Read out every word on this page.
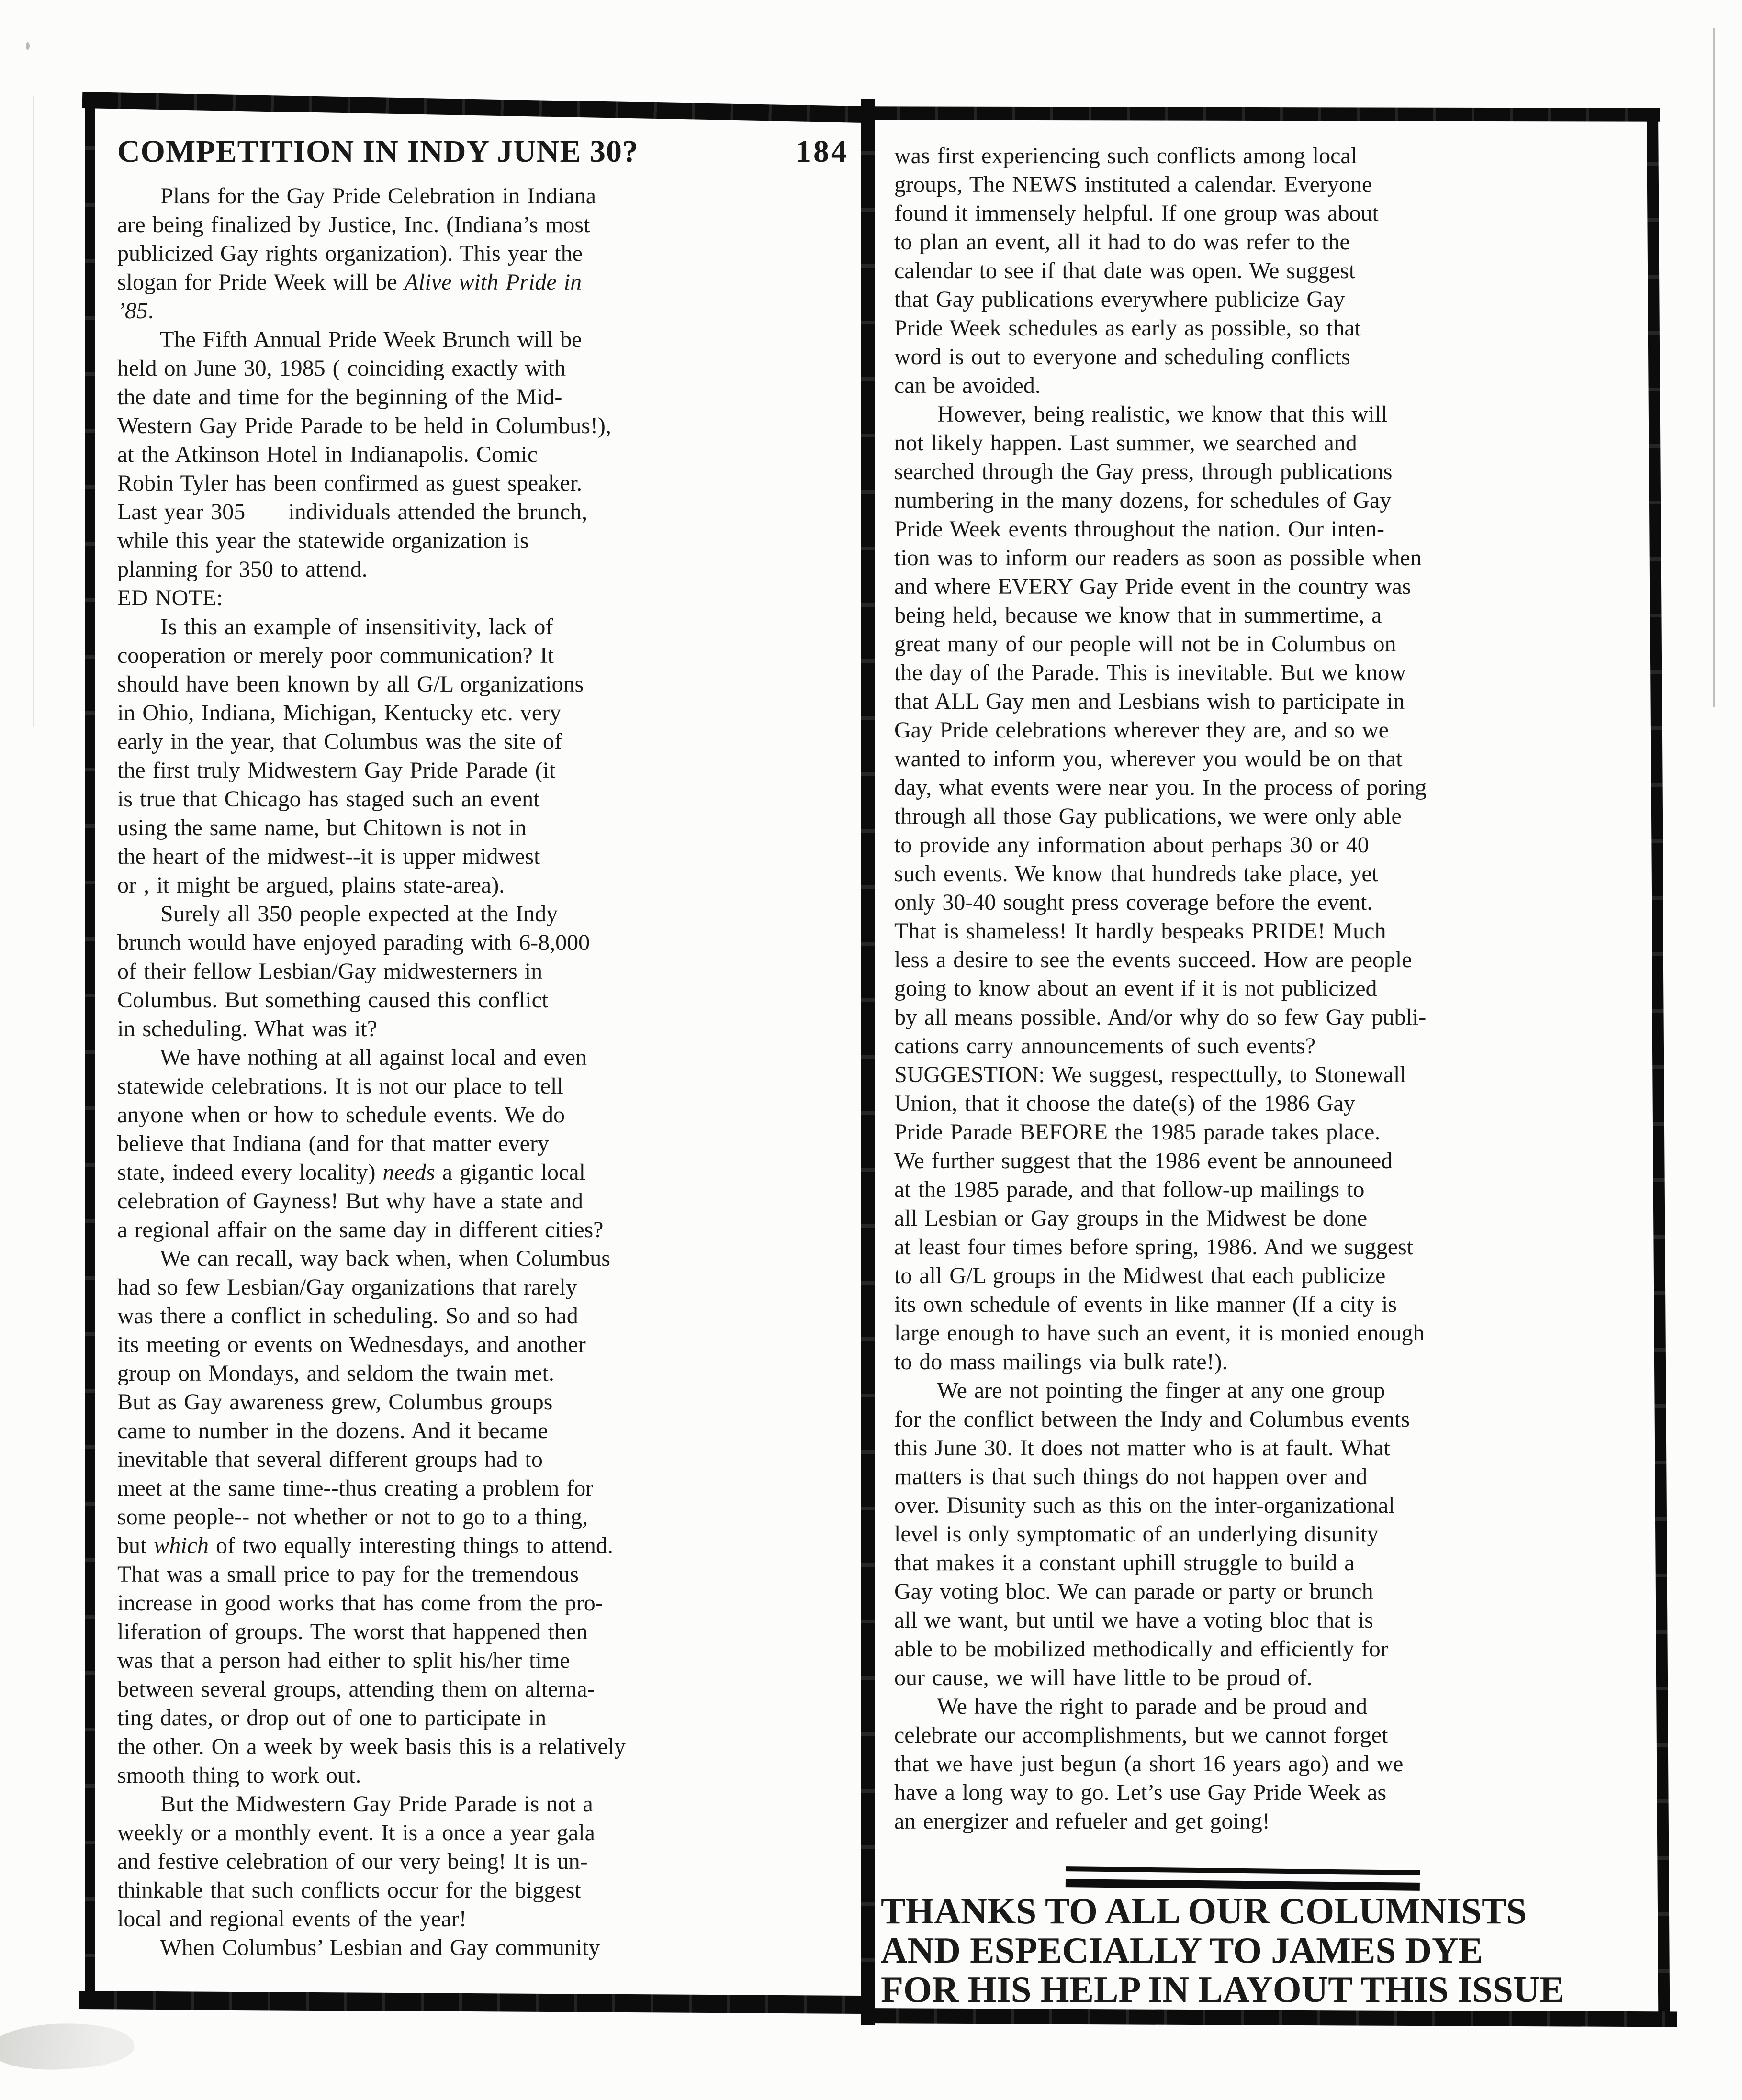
COMPETITION IN INDY JUNE 30?	184
Plans for the Gay Pride Celebration in Indiana
are being finalized by Justice, Inc. (Indiana’s most
publicized Gay rights organization). This year the
slogan for Pride Week will be Alive with Pride in
’85.
The Fifth Annual Pride Week Brunch will be
held on June 30, 1985 ( coinciding exactly with
the date and time for the beginning of the Mid-
Western Gay Pride Parade to be held in Columbus!),
at the Atkinson Hotel in Indianapolis. Comic
Robin Tyler has been confirmed as guest speaker.
Last year 305      individuals attended the brunch,
while this year the statewide organization is
planning for 350 to attend.
ED NOTE:
Is this an example of insensitivity, lack of
cooperation or merely poor communication? It
should have been known by all G/L organizations
in Ohio, Indiana, Michigan, Kentucky etc. very
early in the year, that Columbus was the site of
the first truly Midwestern Gay Pride Parade (it
is true that Chicago has staged such an event
using the same name, but Chitown is not in
the heart of the midwest--it is upper midwest
or , it might be argued, plains state-area).
Surely all 350 people expected at the Indy
brunch would have enjoyed parading with 6-8,000
of their fellow Lesbian/Gay midwesterners in
Columbus. But something caused this conflict
in scheduling. What was it?
We have nothing at all against local and even
statewide celebrations. It is not our place to tell
anyone when or how to schedule events. We do
believe that Indiana (and for that matter every
state, indeed every locality) needs a gigantic local
celebration of Gayness! But why have a state and
a regional affair on the same day in different cities?
We can recall, way back when, when Columbus
had so few Lesbian/Gay organizations that rarely
was there a conflict in scheduling. So and so had
its meeting or events on Wednesdays, and another
group on Mondays, and seldom the twain met.
But as Gay awareness grew, Columbus groups
came to number in the dozens. And it became
inevitable that several different groups had to
meet at the same time--thus creating a problem for
some people-- not whether or not to go to a thing,
but which of two equally interesting things to attend.
That was a small price to pay for the tremendous
increase in good works that has come from the pro-
liferation of groups. The worst that happened then
was that a person had either to split his/her time
between several groups, attending them on alterna-
ting dates, or drop out of one to participate in
the other. On a week by week basis this is a relatively
smooth thing to work out.
But the Midwestern Gay Pride Parade is not a
weekly or a monthly event. It is a once a year gala
and festive celebration of our very being! It is un-
thinkable that such conflicts occur for the biggest
local and regional events of the year!
When Columbus’ Lesbian and Gay community
was first experiencing such conflicts among local
groups, The NEWS instituted a calendar. Everyone
found it immensely helpful. If one group was about
to plan an event, all it had to do was refer to the
calendar to see if that date was open. We suggest
that Gay publications everywhere publicize Gay
Pride Week schedules as early as possible, so that
word is out to everyone and scheduling conflicts
can be avoided.
However, being realistic, we know that this will
not likely happen. Last summer, we searched and
searched through the Gay press, through publications
numbering in the many dozens, for schedules of Gay
Pride Week events throughout the nation. Our inten-
tion was to inform our readers as soon as possible when
and where EVERY Gay Pride event in the country was
being held, because we know that in summertime, a
great many of our people will not be in Columbus on
the day of the Parade. This is inevitable. But we know
that ALL Gay men and Lesbians wish to participate in
Gay Pride celebrations wherever they are, and so we
wanted to inform you, wherever you would be on that
day, what events were near you. In the process of poring
through all those Gay publications, we were only able
to provide any information about perhaps 30 or 40
such events. We know that hundreds take place, yet
only 30-40 sought press coverage before the event.
That is shameless! It hardly bespeaks PRIDE! Much
less a desire to see the events succeed. How are people
going to know about an event if it is not publicized
by all means possible. And/or why do so few Gay publi-
cations carry announcements of such events?
SUGGESTION: We suggest, respecttully, to Stonewall
Union, that it choose the date(s) of the 1986 Gay
Pride Parade BEFORE the 1985 parade takes place.
We further suggest that the 1986 event be announeed
at the 1985 parade, and that follow-up mailings to
all Lesbian or Gay groups in the Midwest be done
at least four times before spring, 1986. And we suggest
to all G/L groups in the Midwest that each publicize
its own schedule of events in like manner (If a city is
large enough to have such an event, it is monied enough
to do mass mailings via bulk rate!).
We are not pointing the finger at any one group
for the conflict between the Indy and Columbus events
this June 30. It does not matter who is at fault. What
matters is that such things do not happen over and
over. Disunity such as this on the inter-organizational
level is only symptomatic of an underlying disunity
that makes it a constant uphill struggle to build a
Gay voting bloc. We can parade or party or brunch
all we want, but until we have a voting bloc that is
able to be mobilized methodically and efficiently for
our cause, we will have little to be proud of.
We have the right to parade and be proud and
celebrate our accomplishments, but we cannot forget
that we have just begun (a short 16 years ago) and we
have a long way to go. Let’s use Gay Pride Week as
an energizer and refueler and get going!
THANKS TO ALL OUR COLUMNISTS
AND ESPECIALLY TO JAMES DYE
FOR HIS HELP IN LAYOUT THIS ISSUE
